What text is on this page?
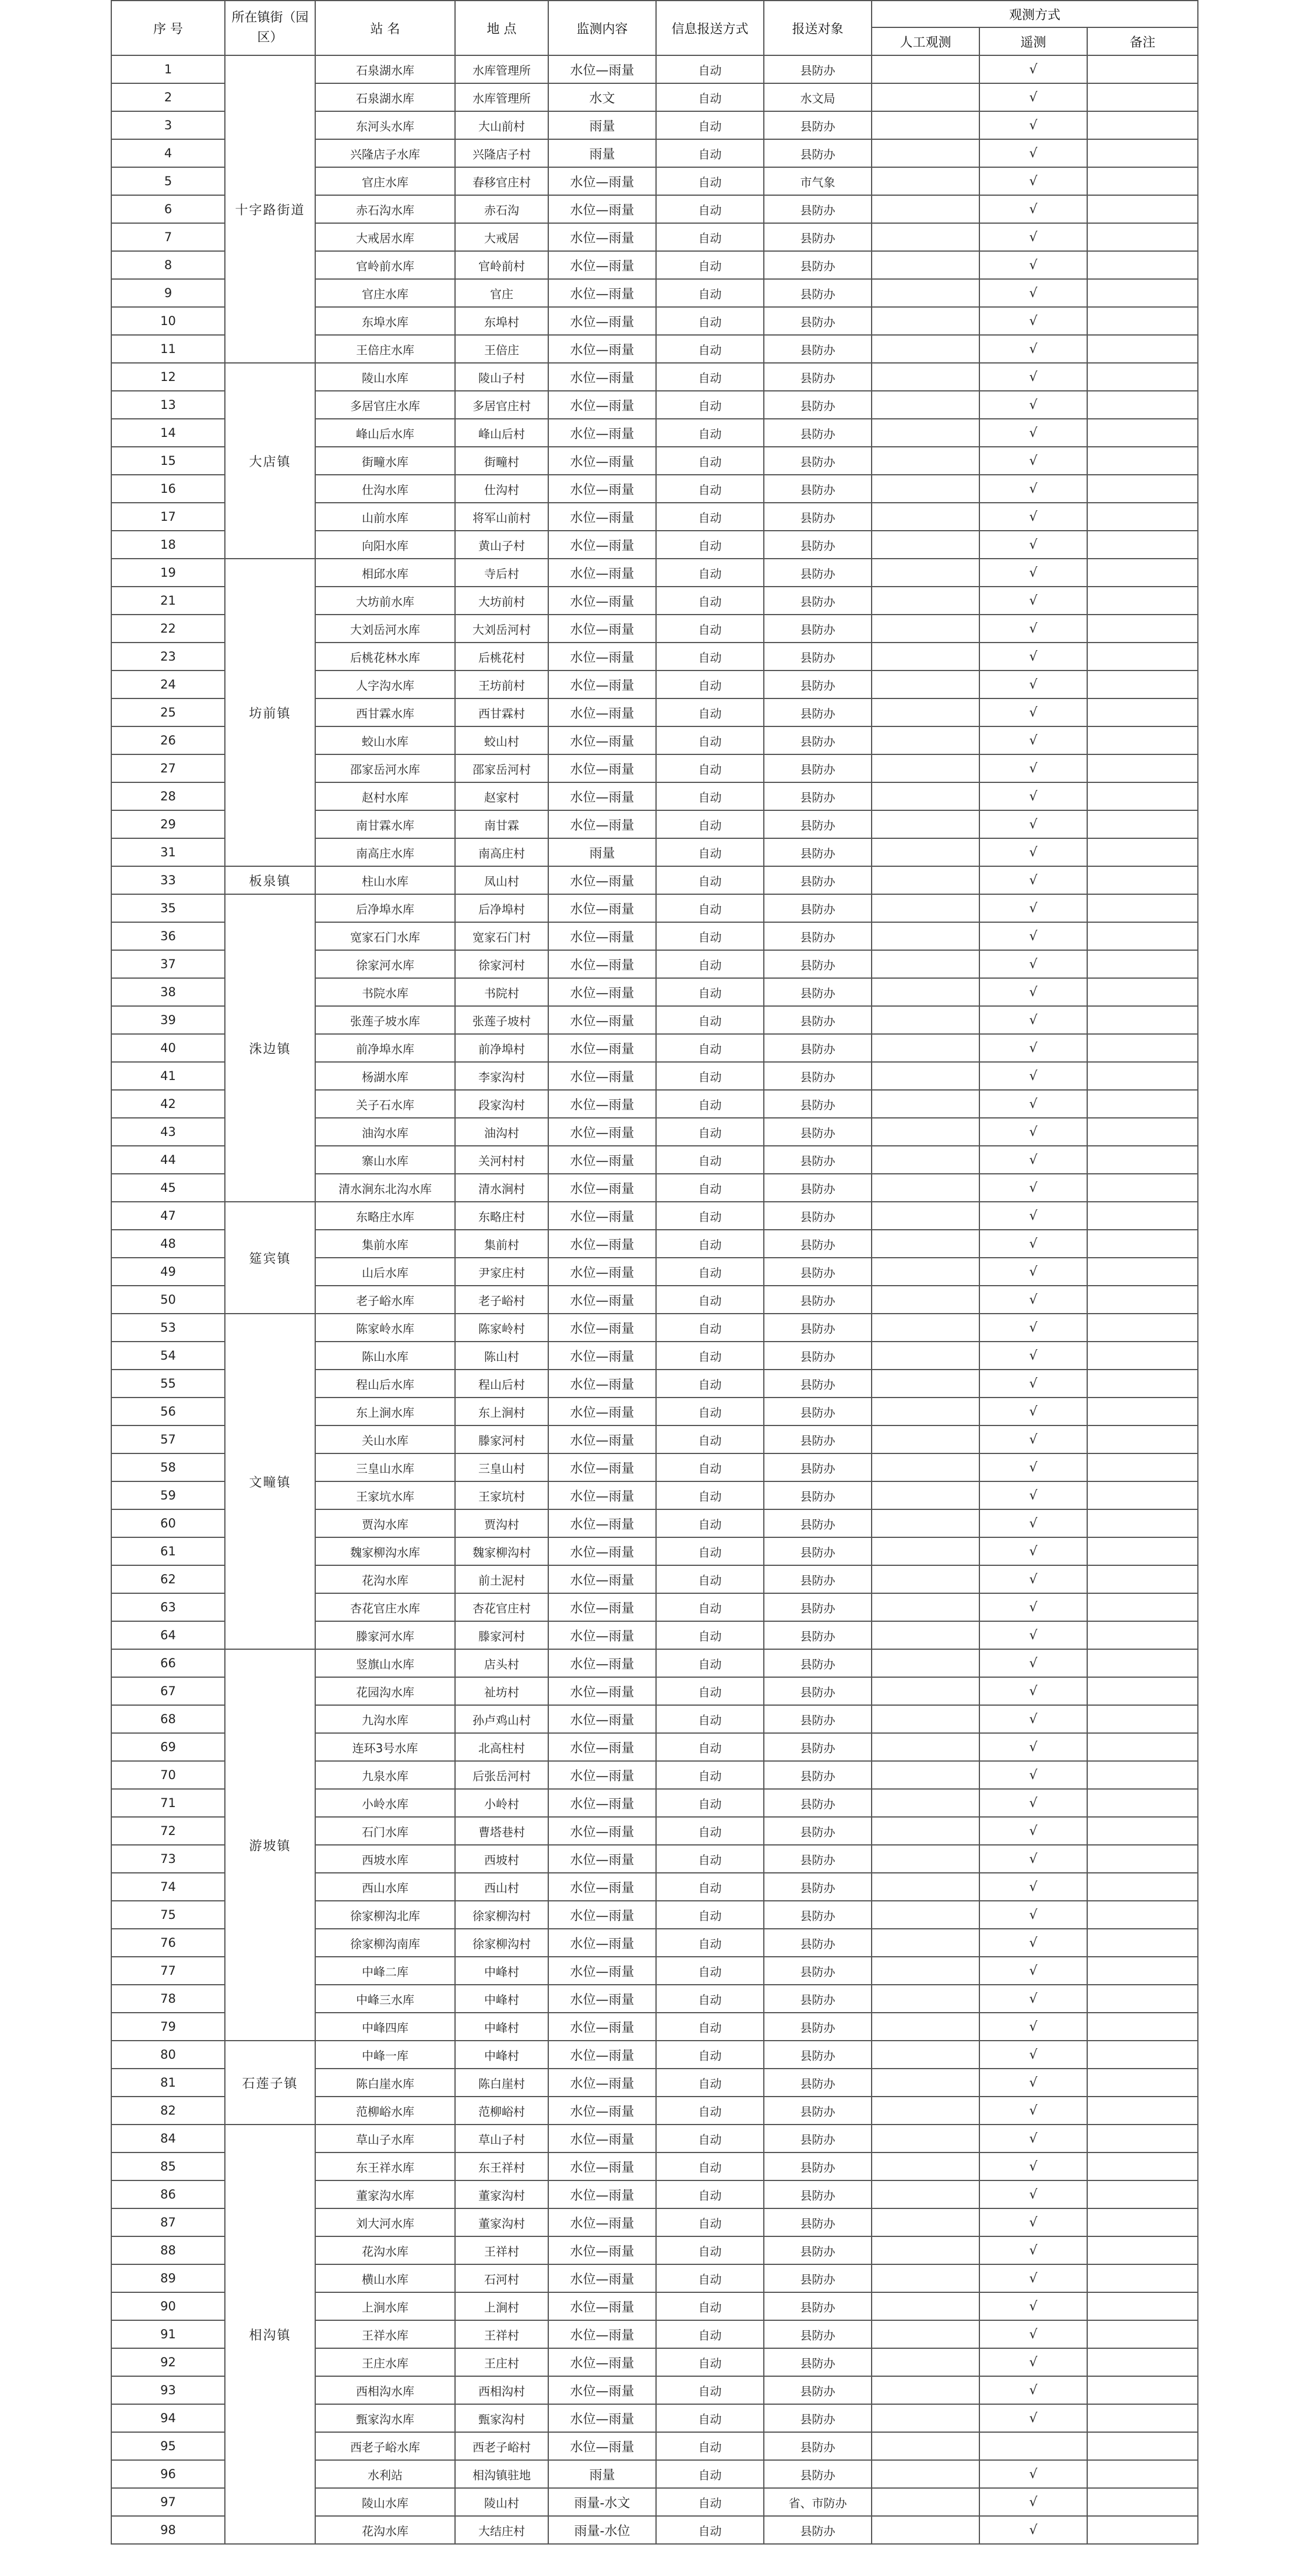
序 号	所在镇街（园区）	站 名	地 点	监测内容	信息报送方式	报送对象	观测方式		
							人工观测	遥测	备注
1	十字路街道	石泉湖水库	水库管理所	水位—雨量	自动	县防办		√	
2		石泉湖水库	水库管理所	水文	自动	水文局		√	
3		东河头水库	大山前村	雨量	自动	县防办		√	
4		兴隆店子水库	兴隆店子村	雨量	自动	县防办		√	
5		官庄水库	春移官庄村	水位—雨量	自动	市气象		√	
6		赤石沟水库	赤石沟	水位—雨量	自动	县防办		√	
7		大戒居水库	大戒居	水位—雨量	自动	县防办		√	
8		官岭前水库	官岭前村	水位—雨量	自动	县防办		√	
9		官庄水库	官庄	水位—雨量	自动	县防办		√	
10		东埠水库	东埠村	水位—雨量	自动	县防办		√	
11		王倍庄水库	王倍庄	水位—雨量	自动	县防办		√	
12	大店镇	陵山水库	陵山子村	水位—雨量	自动	县防办		√	
13		多居官庄水库	多居官庄村	水位—雨量	自动	县防办		√	
14		峰山后水库	峰山后村	水位—雨量	自动	县防办		√	
15		街疃水库	街疃村	水位—雨量	自动	县防办		√	
16		仕沟水库	仕沟村	水位—雨量	自动	县防办		√	
17		山前水库	将军山前村	水位—雨量	自动	县防办		√	
18		向阳水库	黄山子村	水位—雨量	自动	县防办		√	
19	坊前镇	相邱水库	寺后村	水位—雨量	自动	县防办		√	
21		大坊前水库	大坊前村	水位—雨量	自动	县防办		√	
22		大刘岳河水库	大刘岳河村	水位—雨量	自动	县防办		√	
23		后桃花林水库	后桃花村	水位—雨量	自动	县防办		√	
24		人字沟水库	王坊前村	水位—雨量	自动	县防办		√	
25		西甘霖水库	西甘霖村	水位—雨量	自动	县防办		√	
26		蛟山水库	蛟山村	水位—雨量	自动	县防办		√	
27		邵家岳河水库	邵家岳河村	水位—雨量	自动	县防办		√	
28		赵村水库	赵家村	水位—雨量	自动	县防办		√	
29		南甘霖水库	南甘霖	水位—雨量	自动	县防办		√	
31		南高庄水库	南高庄村	雨量	自动	县防办		√	
33	板泉镇	柱山水库	凤山村	水位—雨量	自动	县防办		√	
35	洙边镇	后净埠水库	后净埠村	水位—雨量	自动	县防办		√	
36		宽家石门水库	宽家石门村	水位—雨量	自动	县防办		√	
37		徐家河水库	徐家河村	水位—雨量	自动	县防办		√	
38		书院水库	书院村	水位—雨量	自动	县防办		√	
39		张莲子坡水库	张莲子坡村	水位—雨量	自动	县防办		√	
40		前净埠水库	前净埠村	水位—雨量	自动	县防办		√	
41		杨湖水库	李家沟村	水位—雨量	自动	县防办		√	
42		关子石水库	段家沟村	水位—雨量	自动	县防办		√	
43		油沟水库	油沟村	水位—雨量	自动	县防办		√	
44		寨山水库	关河村村	水位—雨量	自动	县防办		√	
45		清水涧东北沟水库	清水涧村	水位—雨量	自动	县防办		√	
47	筵宾镇	东略庄水库	东略庄村	水位—雨量	自动	县防办		√	
48		集前水库	集前村	水位—雨量	自动	县防办		√	
49		山后水库	尹家庄村	水位—雨量	自动	县防办		√	
50		老子峪水库	老子峪村	水位—雨量	自动	县防办		√	
53	文疃镇	陈家岭水库	陈家岭村	水位—雨量	自动	县防办		√	
54		陈山水库	陈山村	水位—雨量	自动	县防办		√	
55		程山后水库	程山后村	水位—雨量	自动	县防办		√	
56		东上涧水库	东上涧村	水位—雨量	自动	县防办		√	
57		关山水库	滕家河村	水位—雨量	自动	县防办		√	
58		三皇山水库	三皇山村	水位—雨量	自动	县防办		√	
59		王家坑水库	王家坑村	水位—雨量	自动	县防办		√	
60		贾沟水库	贾沟村	水位—雨量	自动	县防办		√	
61		魏家柳沟水库	魏家柳沟村	水位—雨量	自动	县防办		√	
62		花沟水库	前土泥村	水位—雨量	自动	县防办		√	
63		杏花官庄水库	杏花官庄村	水位—雨量	自动	县防办		√	
64		滕家河水库	滕家河村	水位—雨量	自动	县防办		√	
66	游坡镇	竖旗山水库	店头村	水位—雨量	自动	县防办		√	
67		花园沟水库	祉坊村	水位—雨量	自动	县防办		√	
68		九沟水库	孙卢鸡山村	水位—雨量	自动	县防办		√	
69		连环3号水库	北高柱村	水位—雨量	自动	县防办		√	
70		九泉水库	后张岳河村	水位—雨量	自动	县防办		√	
71		小岭水库	小岭村	水位—雨量	自动	县防办		√	
72		石门水库	曹塔巷村	水位—雨量	自动	县防办		√	
73		西坡水库	西坡村	水位—雨量	自动	县防办		√	
74		西山水库	西山村	水位—雨量	自动	县防办		√	
75		徐家柳沟北库	徐家柳沟村	水位—雨量	自动	县防办		√	
76		徐家柳沟南库	徐家柳沟村	水位—雨量	自动	县防办		√	
77		中峰二库	中峰村	水位—雨量	自动	县防办		√	
78		中峰三水库	中峰村	水位—雨量	自动	县防办		√	
79		中峰四库	中峰村	水位—雨量	自动	县防办		√	
80	石莲子镇	中峰一库	中峰村	水位—雨量	自动	县防办		√	
81		陈白崖水库	陈白崖村	水位—雨量	自动	县防办		√	
82		范柳峪水库	范柳峪村	水位—雨量	自动	县防办		√	
84	相沟镇	草山子水库	草山子村	水位—雨量	自动	县防办		√	
85		东王祥水库	东王祥村	水位—雨量	自动	县防办		√	
86		董家沟水库	董家沟村	水位—雨量	自动	县防办		√	
87		刘大河水库	董家沟村	水位—雨量	自动	县防办		√	
88		花沟水库	王祥村	水位—雨量	自动	县防办		√	
89		横山水库	石河村	水位—雨量	自动	县防办		√	
90		上涧水库	上涧村	水位—雨量	自动	县防办		√	
91		王祥水库	王祥村	水位—雨量	自动	县防办		√	
92		王庄水库	王庄村	水位—雨量	自动	县防办		√	
93		西相沟水库	西相沟村	水位—雨量	自动	县防办		√	
94		甄家沟水库	甄家沟村	水位—雨量	自动	县防办		√	
95		西老子峪水库	西老子峪村	水位—雨量	自动	县防办			
96		水利站	相沟镇驻地	雨量	自动	县防办		√	
97		陵山水库	陵山村	雨量-水文	自动	省、市防办		√	
98		花沟水库	大结庄村	雨量-水位	自动	县防办		√	
